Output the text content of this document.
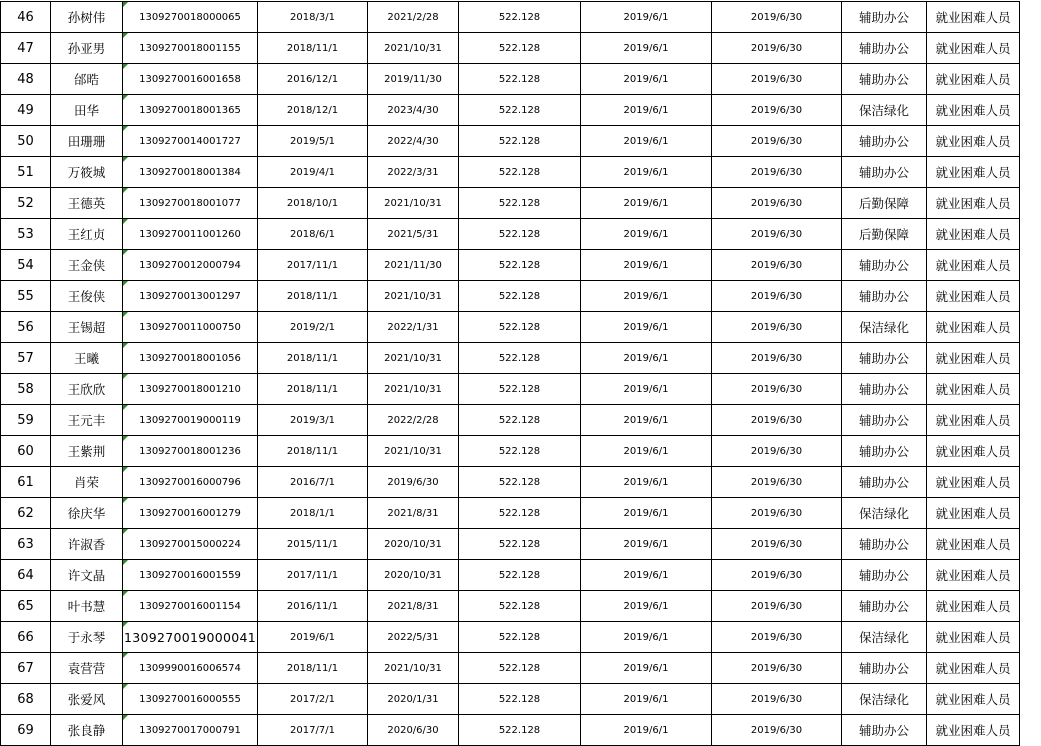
46	孙树伟	1309270018000065	2018/3/1	2021/2/28	522.128	2019/6/1	2019/6/30	辅助办公	就业困难人员
47	孙亚男	1309270018001155	2018/11/1	2021/10/31	522.128	2019/6/1	2019/6/30	辅助办公	就业困难人员
48	邰晧	1309270016001658	2016/12/1	2019/11/30	522.128	2019/6/1	2019/6/30	辅助办公	就业困难人员
49	田华	1309270018001365	2018/12/1	2023/4/30	522.128	2019/6/1	2019/6/30	保洁绿化	就业困难人员
50	田珊珊	1309270014001727	2019/5/1	2022/4/30	522.128	2019/6/1	2019/6/30	辅助办公	就业困难人员
51	万筱城	1309270018001384	2019/4/1	2022/3/31	522.128	2019/6/1	2019/6/30	辅助办公	就业困难人员
52	王德英	1309270018001077	2018/10/1	2021/10/31	522.128	2019/6/1	2019/6/30	后勤保障	就业困难人员
53	王红贞	1309270011001260	2018/6/1	2021/5/31	522.128	2019/6/1	2019/6/30	后勤保障	就业困难人员
54	王金侠	1309270012000794	2017/11/1	2021/11/30	522.128	2019/6/1	2019/6/30	辅助办公	就业困难人员
55	王俊侠	1309270013001297	2018/11/1	2021/10/31	522.128	2019/6/1	2019/6/30	辅助办公	就业困难人员
56	王锡超	1309270011000750	2019/2/1	2022/1/31	522.128	2019/6/1	2019/6/30	保洁绿化	就业困难人员
57	王曦	1309270018001056	2018/11/1	2021/10/31	522.128	2019/6/1	2019/6/30	辅助办公	就业困难人员
58	王欣欣	1309270018001210	2018/11/1	2021/10/31	522.128	2019/6/1	2019/6/30	辅助办公	就业困难人员
59	王元丰	1309270019000119	2019/3/1	2022/2/28	522.128	2019/6/1	2019/6/30	辅助办公	就业困难人员
60	王紫荆	1309270018001236	2018/11/1	2021/10/31	522.128	2019/6/1	2019/6/30	辅助办公	就业困难人员
61	肖荣	1309270016000796	2016/7/1	2019/6/30	522.128	2019/6/1	2019/6/30	辅助办公	就业困难人员
62	徐庆华	1309270016001279	2018/1/1	2021/8/31	522.128	2019/6/1	2019/6/30	保洁绿化	就业困难人员
63	许淑香	1309270015000224	2015/11/1	2020/10/31	522.128	2019/6/1	2019/6/30	辅助办公	就业困难人员
64	许文晶	1309270016001559	2017/11/1	2020/10/31	522.128	2019/6/1	2019/6/30	辅助办公	就业困难人员
65	叶书慧	1309270016001154	2016/11/1	2021/8/31	522.128	2019/6/1	2019/6/30	辅助办公	就业困难人员
66	于永琴	1309270019000041	2019/6/1	2022/5/31	522.128	2019/6/1	2019/6/30	保洁绿化	就业困难人员
67	袁营营	1309990016006574	2018/11/1	2021/10/31	522.128	2019/6/1	2019/6/30	辅助办公	就业困难人员
68	张爱风	1309270016000555	2017/2/1	2020/1/31	522.128	2019/6/1	2019/6/30	保洁绿化	就业困难人员
69	张良静	1309270017000791	2017/7/1	2020/6/30	522.128	2019/6/1	2019/6/30	辅助办公	就业困难人员
